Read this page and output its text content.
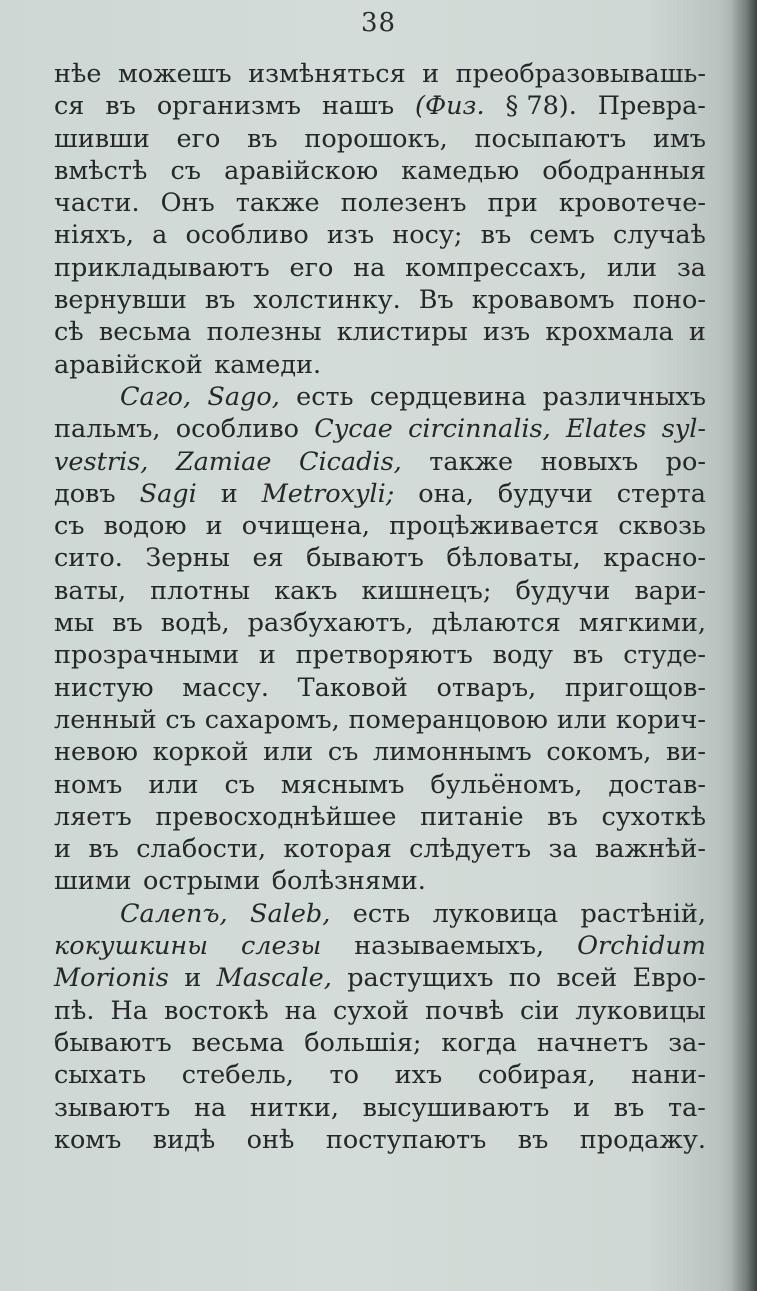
38
нѣе можешъ измѣняться и преобразовывашь-
ся въ организмъ нашъ (Физ. § 78). Превра-
шивши его въ порошокъ, посыпаютъ имъ
вмѣстѣ съ аравійскою камедью ободранныя
части. Онъ также полезенъ при кровотече-
ніяхъ, а особливо изъ носу; въ семъ случаѣ
прикладываютъ его на компрессахъ, или за
вернувши въ холстинку. Въ кровавомъ поно-
сѣ весьма полезны клистиры изъ крохмала и
аравійской камеди.
Саго, Sago, есть сердцевина различныхъ
пальмъ, особливо Cycae circinnalis, Elates syl-
vestris, Zamiae Cicadis, также новыхъ ро-
довъ Sagi и Metroxyli; она, будучи стерта
съ водою и очищена, процѣживается сквозь
сито. Зерны ея бываютъ бѣловаты, красно-
ваты, плотны какъ кишнецъ; будучи вари-
мы въ водѣ, разбухаютъ, дѣлаются мягкими,
прозрачными и претворяютъ воду въ студе-
нистую массу. Таковой отваръ, пригощов-
ленный съ сахаромъ, померанцовою или корич-
невою коркой или съ лимоннымъ сокомъ, ви-
номъ или съ мяснымъ бульёномъ, достав-
ляетъ превосходнѣйшее питаніе въ сухоткѣ
и въ слабости, которая слѣдуетъ за важнѣй-
шими острыми болѣзнями.
Салепъ, Saleb, есть луковица растѣній,
кокушкины слезы называемыхъ, Orchidum
Morionis и Mascale, растущихъ по всей Евро-
пѣ. На востокѣ на сухой почвѣ сіи луковицы
бываютъ весьма большія; когда начнетъ за-
сыхать стебель, то ихъ собирая, нани-
зываютъ на нитки, высушиваютъ и въ та-
комъ видѣ онѣ поступаютъ въ продажу.
